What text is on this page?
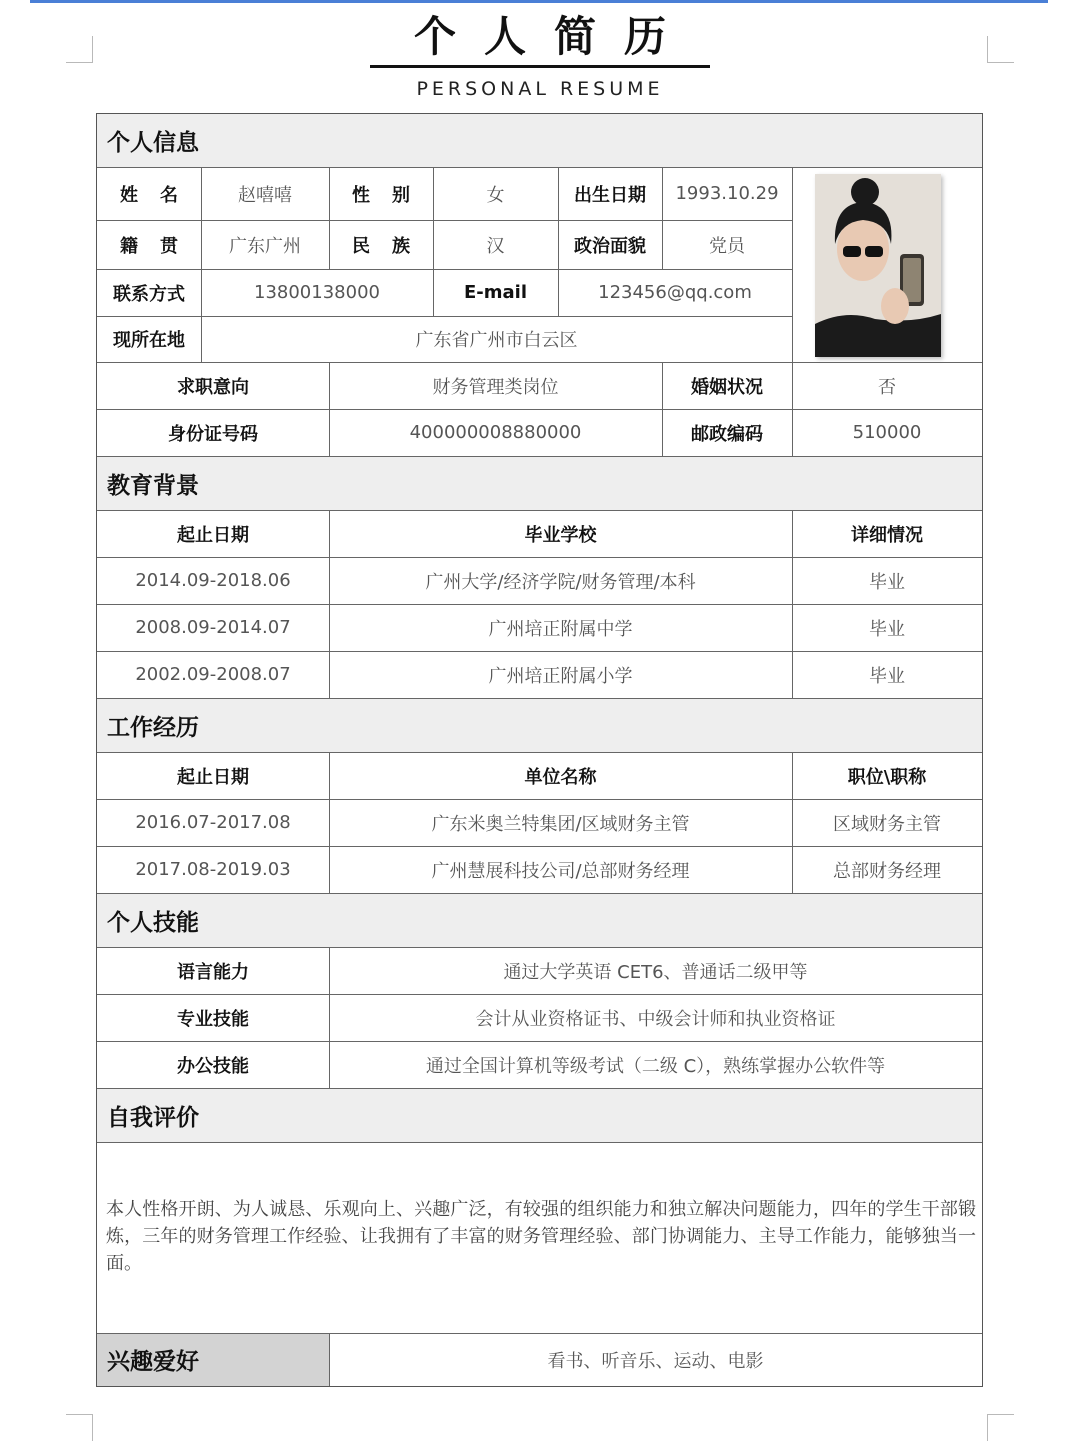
个人简历
PERSONAL RESUME
个人信息
姓名	赵嘻嘻	性别	女	出生日期	1993.10.29
籍贯	广东广州	民族	汉	政治面貌	党员
联系方式	13800138000	E-mail	123456@qq.com
现所在地	广东省广州市白云区
求职意向	财务管理类岗位	婚姻状况	否
身份证号码	400000008880000	邮政编码	510000
教育背景
起止日期	毕业学校	详细情况
2014.09-2018.06	广州大学/经济学院/财务管理/本科	毕业
2008.09-2014.07	广州培正附属中学	毕业
2002.09-2008.07	广州培正附属小学	毕业
工作经历
起止日期	单位名称	职位\职称
2016.07-2017.08	广东米奥兰特集团/区域财务主管	区域财务主管
2017.08-2019.03	广州慧展科技公司/总部财务经理	总部财务经理
个人技能
语言能力	通过大学英语 CET6、普通话二级甲等
专业技能	会计从业资格证书、中级会计师和执业资格证
办公技能	通过全国计算机等级考试（二级 C），熟练掌握办公软件等
自我评价
本人性格开朗、为人诚恳、乐观向上、兴趣广泛，有较强的组织能力和独立解决问题能力，四年的学生干部锻炼，三年的财务管理工作经验、让我拥有了丰富的财务管理经验、部门协调能力、主导工作能力，能够独当一面。
兴趣爱好	看书、听音乐、运动、电影
